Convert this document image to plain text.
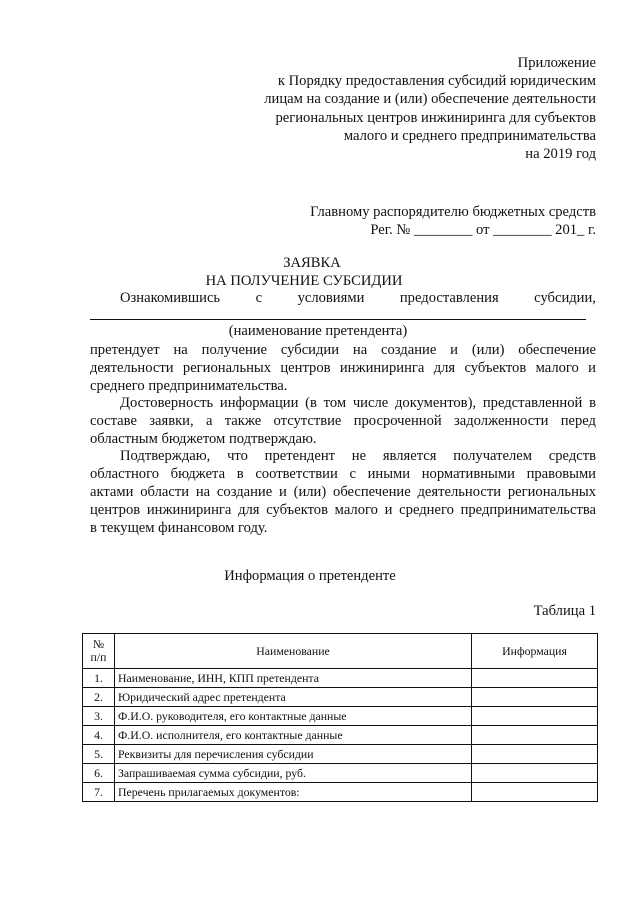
Приложение
к Порядку предоставления субсидий юридическим
лицам на создание и (или) обеспечение деятельности
региональных центров инжиниринга для субъектов
малого и среднего предпринимательства
на 2019 год
Главному распорядителю бюджетных средств
Рег. № ________ от ________ 201_ г.
ЗАЯВКА
НА ПОЛУЧЕНИЕ СУБСИДИИ
Ознакомившись с условиями предоставления субсидии,
(наименование претендента)
претендует на получение субсидии на создание и (или) обеспечение
деятельности региональных центров инжиниринга для субъектов малого и
среднего предпринимательства.
Достоверность информации (в том числе документов), представленной в
составе заявки, а также отсутствие просроченной задолженности перед
областным бюджетом подтверждаю.
Подтверждаю, что претендент не является получателем средств
областного бюджета в соответствии с иными нормативными правовыми
актами области на создание и (или) обеспечение деятельности региональных
центров инжиниринга для субъектов малого и среднего предпринимательства
в текущем финансовом году.
Информация о претенденте
Таблица 1
№
п/п	Наименование	Информация
1.	Наименование, ИНН, КПП претендента	
2.	Юридический адрес претендента	
3.	Ф.И.О. руководителя, его контактные данные	
4.	Ф.И.О. исполнителя, его контактные данные	
5.	Реквизиты для перечисления субсидии	
6.	Запрашиваемая сумма субсидии, руб.	
7.	Перечень прилагаемых документов:	
